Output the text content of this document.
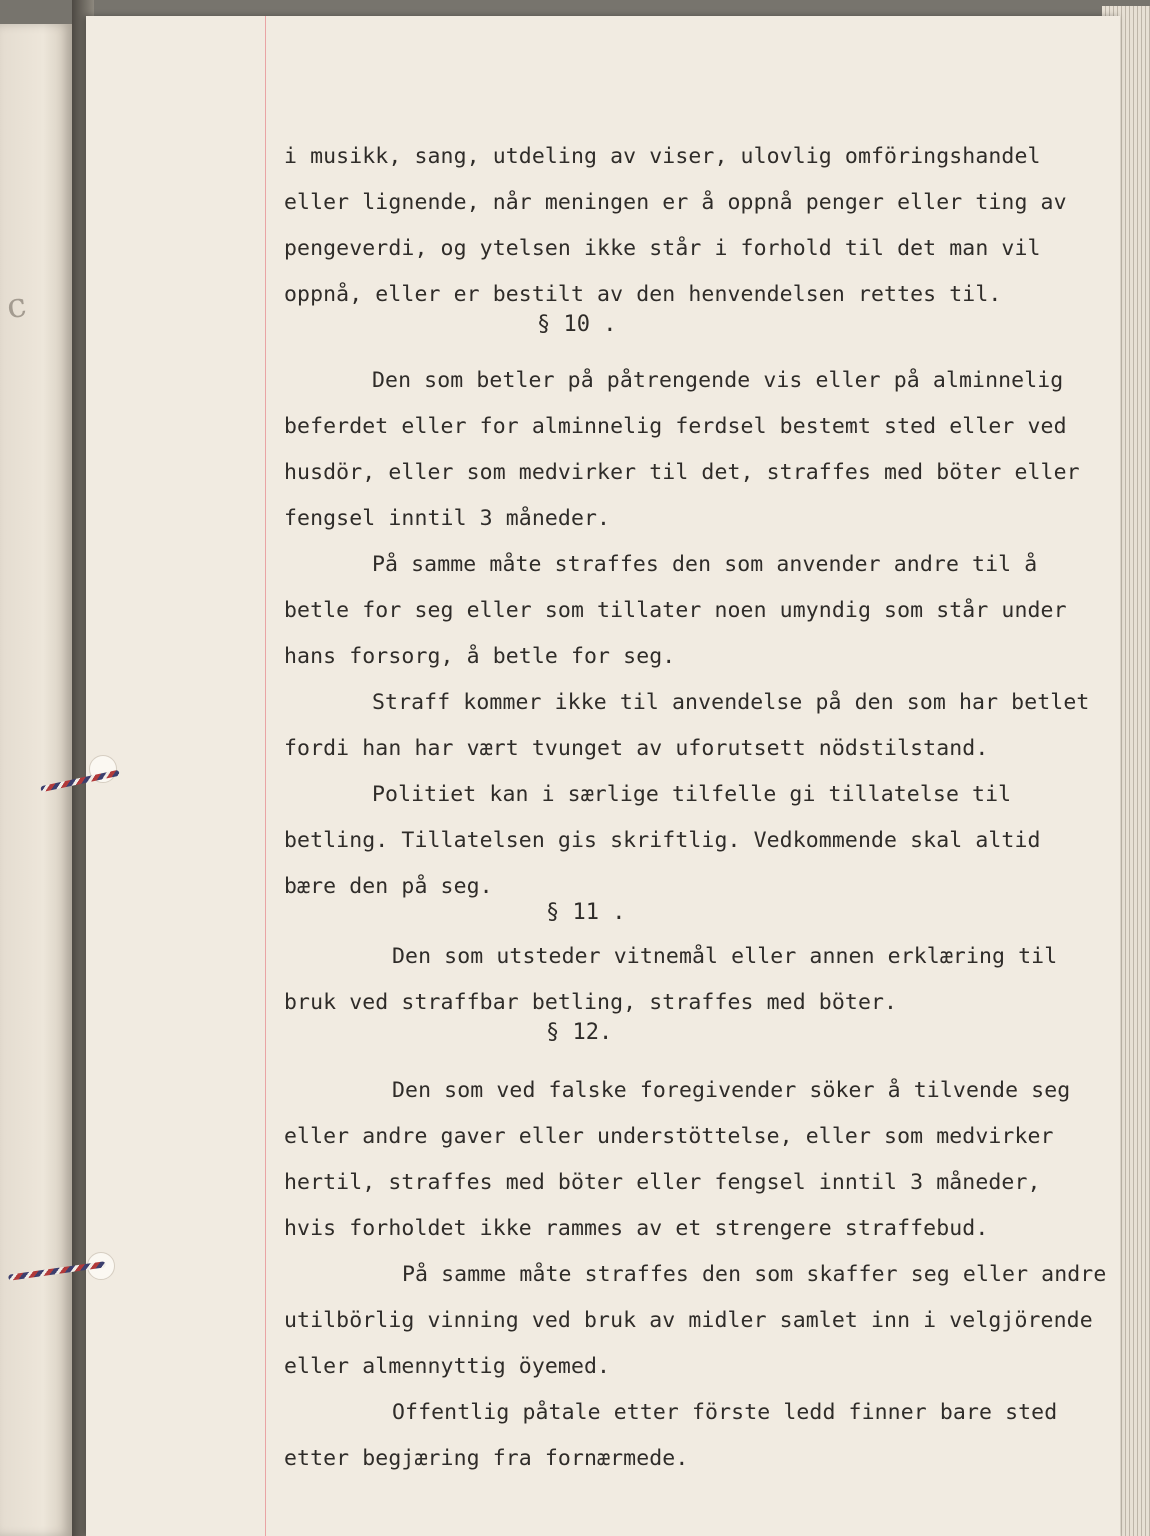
c

i musikk, sang, utdeling av viser, ulovlig omföringshandel

eller lignende, når meningen er å oppnå penger eller ting av

pengeverdi, og ytelsen ikke står i forhold til det man vil

oppnå, eller er bestilt av den henvendelsen rettes til.

§ 10 .

Den som betler på påtrengende vis eller på alminnelig

beferdet eller for alminnelig ferdsel bestemt sted eller ved

husdör, eller som medvirker til det, straffes med böter eller

fengsel inntil 3 måneder.

På samme måte straffes den som anvender andre til å

betle for seg eller som tillater noen umyndig som står under

hans forsorg, å betle for seg.

Straff kommer ikke til anvendelse på den som har betlet

fordi han har vært tvunget av uforutsett nödstilstand.

Politiet kan i særlige tilfelle gi tillatelse til

betling. Tillatelsen gis skriftlig. Vedkommende skal altid

bære den på seg.

§ 11 .

Den som utsteder vitnemål eller annen erklæring til

bruk ved straffbar betling, straffes med böter.

§ 12.

Den som ved falske foregivender söker å tilvende seg

eller andre gaver eller understöttelse, eller som medvirker

hertil, straffes med böter eller fengsel inntil 3 måneder,

hvis forholdet ikke rammes av et strengere straffebud.

På samme måte straffes den som skaffer seg eller andre

utilbörlig vinning ved bruk av midler samlet inn i velgjörende

eller almennyttig öyemed.

Offentlig påtale etter förste ledd finner bare sted

etter begjæring fra fornærmede.
